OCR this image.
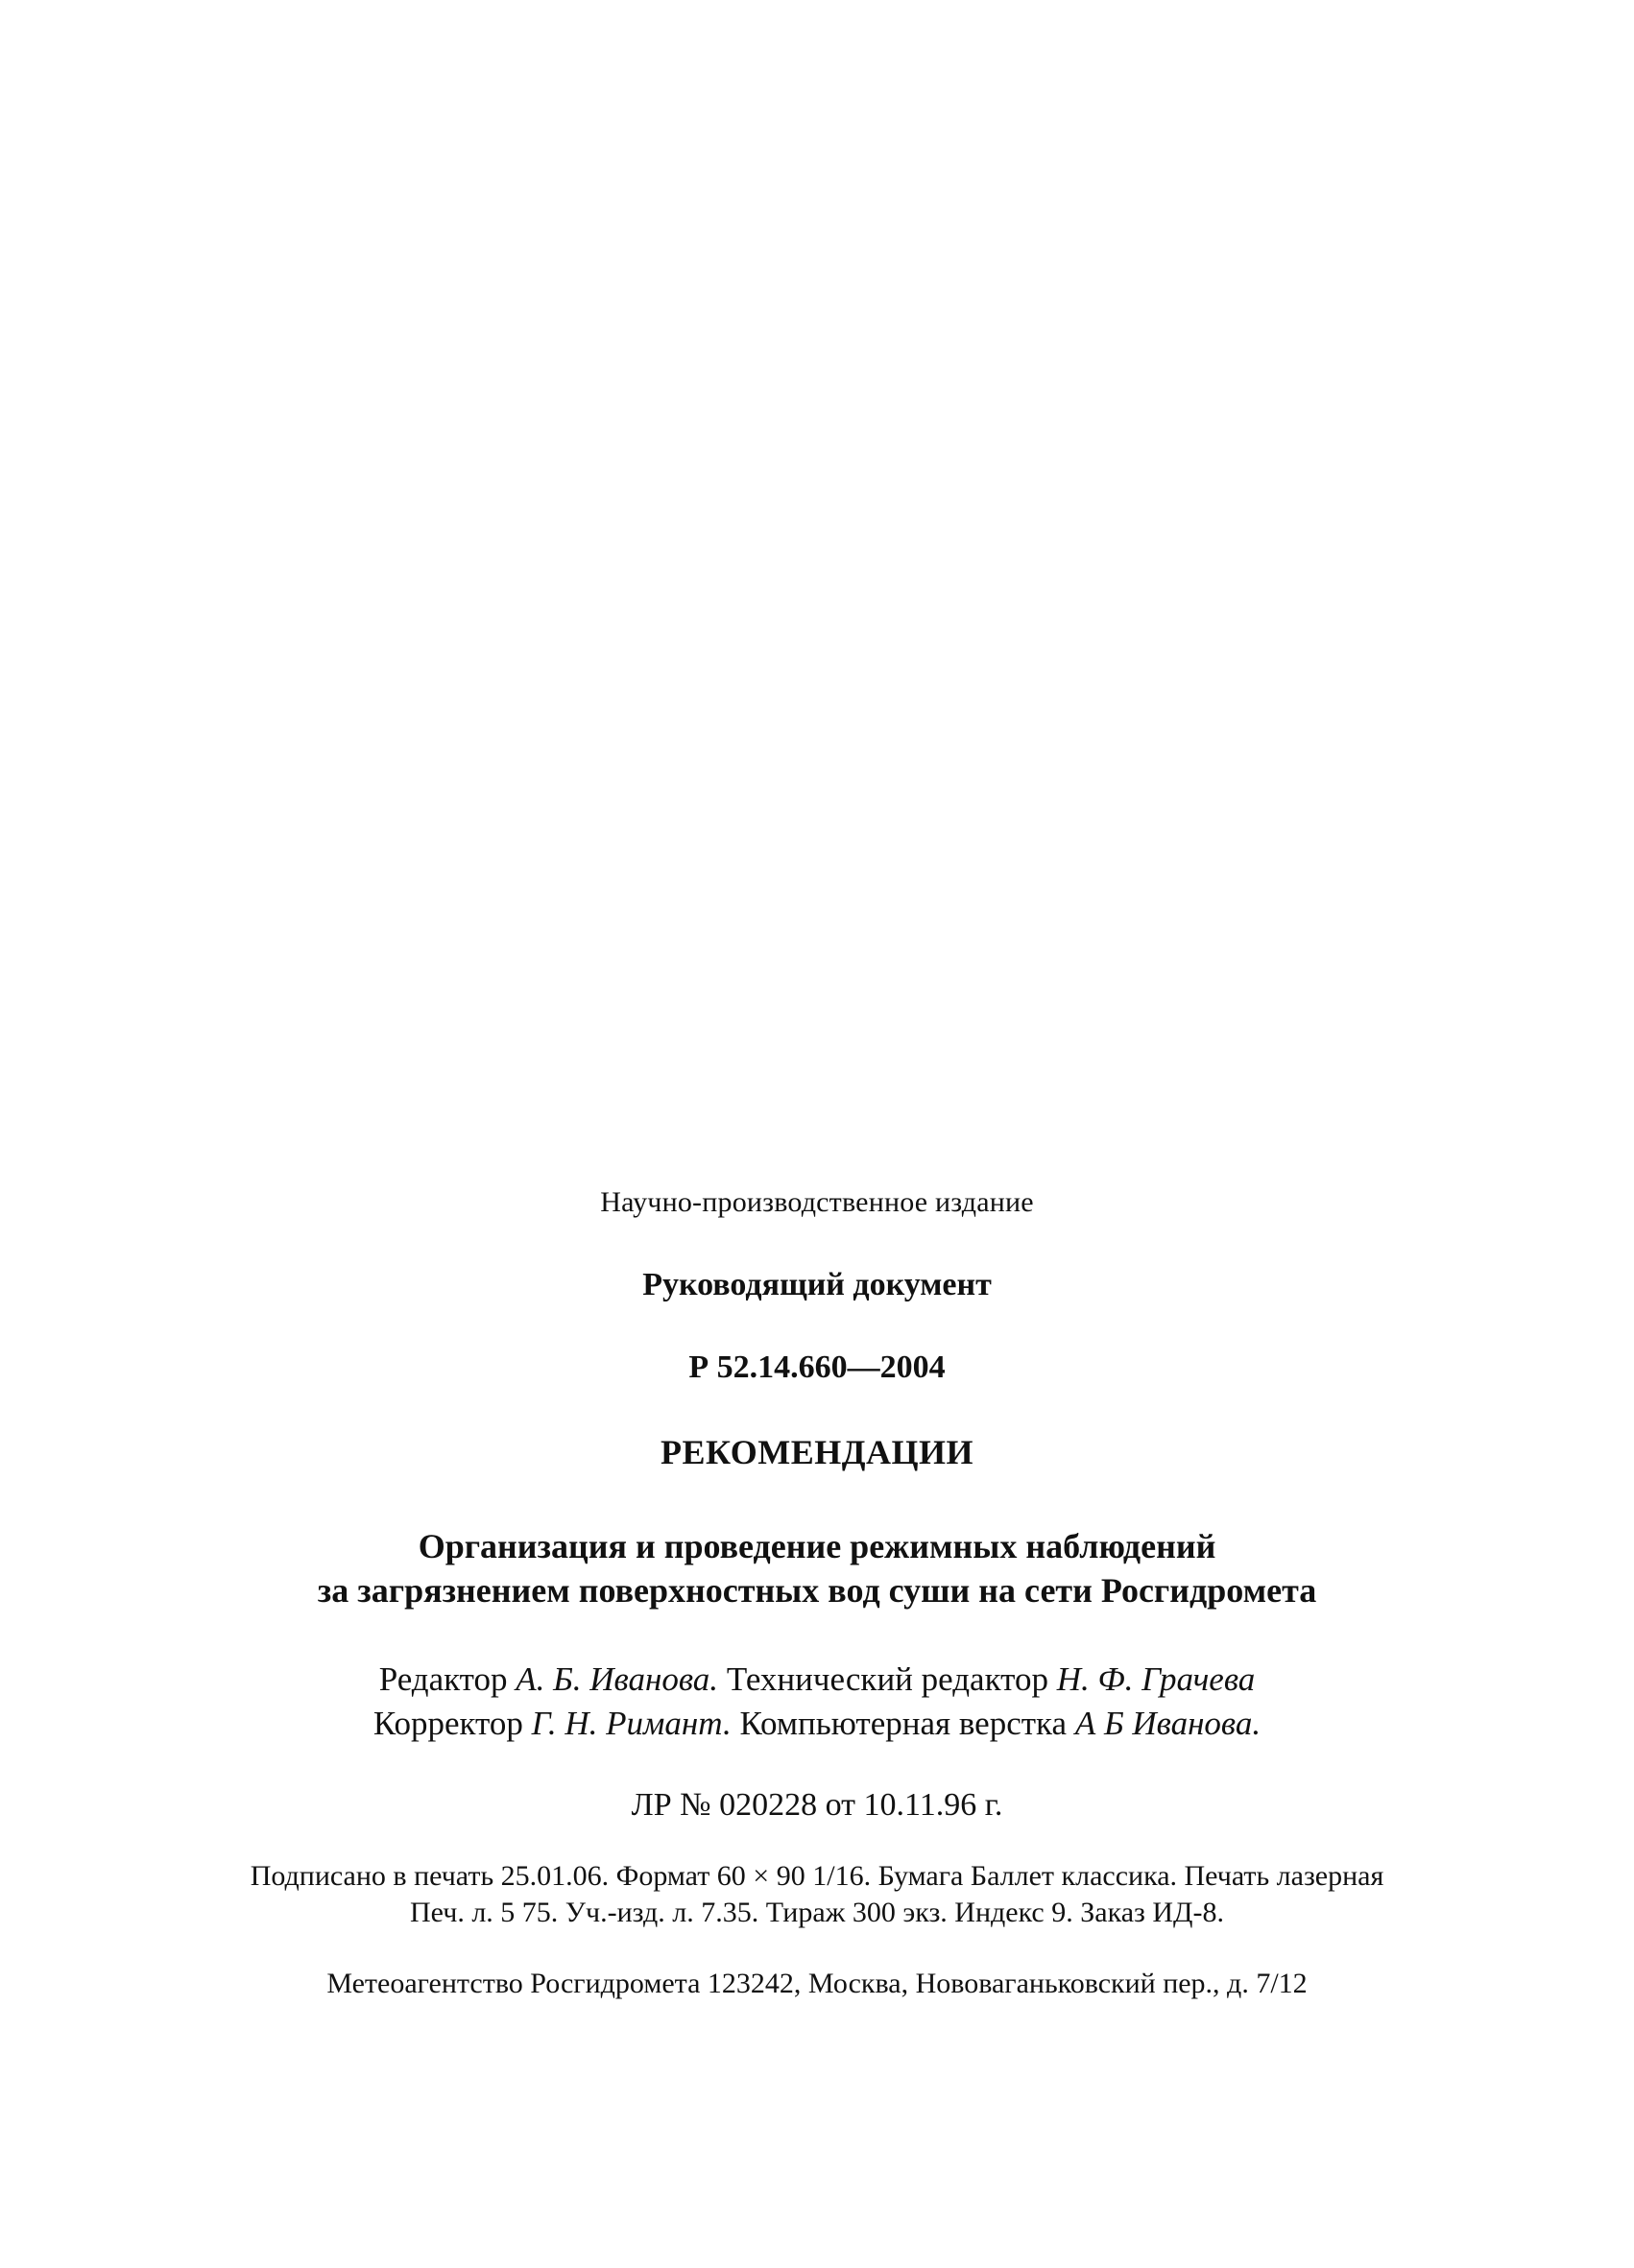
Научно-производственное издание
Руководящий документ
Р 52.14.660—2004
РЕКОМЕНДАЦИИ
Организация и проведение режимных наблюдений
за загрязнением поверхностных вод суши на сети Росгидромета
Редактор А. Б. Иванова. Технический редактор Н. Ф. Грачева
Корректор Г. Н. Римант. Компьютерная верстка А Б Иванова.
ЛР № 020228 от 10.11.96 г.
Подписано в печать 25.01.06. Формат 60 × 90 1/16. Бумага Баллет классика. Печать лазерная
Печ. л. 5 75. Уч.-изд. л. 7.35. Тираж 300 экз. Индекс 9. Заказ ИД-8.
Метеоагентство Росгидромета 123242, Москва, Нововаганьковский пер., д. 7/12
